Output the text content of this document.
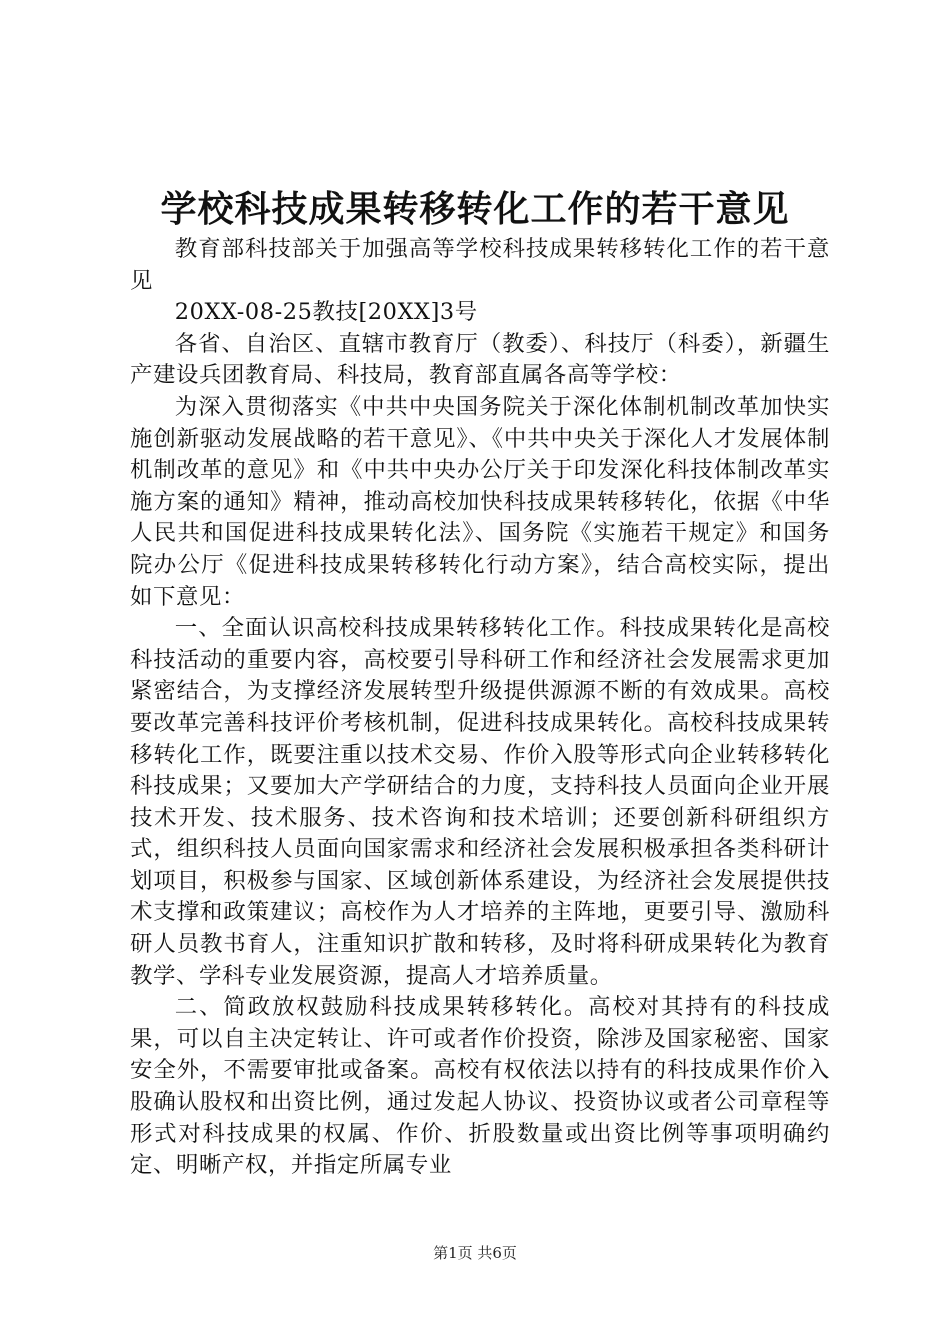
学校科技成果转移转化工作的若干意见

教育部科技部关于加强高等学校科技成果转移转化工作的若干意见

20XX-08-25教技[20XX]3号

各省、自治区、直辖市教育厅（教委）、科技厅（科委），新疆生产建设兵团教育局、科技局，教育部直属各高等学校：

为深入贯彻落实《中共中央国务院关于深化体制机制改革加快实施创新驱动发展战略的若干意见》、《中共中央关于深化人才发展体制机制改革的意见》和《中共中央办公厅关于印发深化科技体制改革实施方案的通知》精神，推动高校加快科技成果转移转化，依据《中华人民共和国促进科技成果转化法》、国务院《实施若干规定》和国务院办公厅《促进科技成果转移转化行动方案》，结合高校实际，提出如下意见：

一、全面认识高校科技成果转移转化工作。科技成果转化是高校科技活动的重要内容，高校要引导科研工作和经济社会发展需求更加紧密结合，为支撑经济发展转型升级提供源源不断的有效成果。高校要改革完善科技评价考核机制，促进科技成果转化。高校科技成果转移转化工作，既要注重以技术交易、作价入股等形式向企业转移转化科技成果；又要加大产学研结合的力度，支持科技人员面向企业开展技术开发、技术服务、技术咨询和技术培训；还要创新科研组织方式，组织科技人员面向国家需求和经济社会发展积极承担各类科研计划项目，积极参与国家、区域创新体系建设，为经济社会发展提供技术支撑和政策建议；高校作为人才培养的主阵地，更要引导、激励科研人员教书育人，注重知识扩散和转移，及时将科研成果转化为教育教学、学科专业发展资源，提高人才培养质量。

二、简政放权鼓励科技成果转移转化。高校对其持有的科技成果，可以自主决定转让、许可或者作价投资，除涉及国家秘密、国家安全外，不需要审批或备案。高校有权依法以持有的科技成果作价入股确认股权和出资比例，通过发起人协议、投资协议或者公司章程等形式对科技成果的权属、作价、折股数量或出资比例等事项明确约定、明晰产权，并指定所属专业

第1页 共6页
